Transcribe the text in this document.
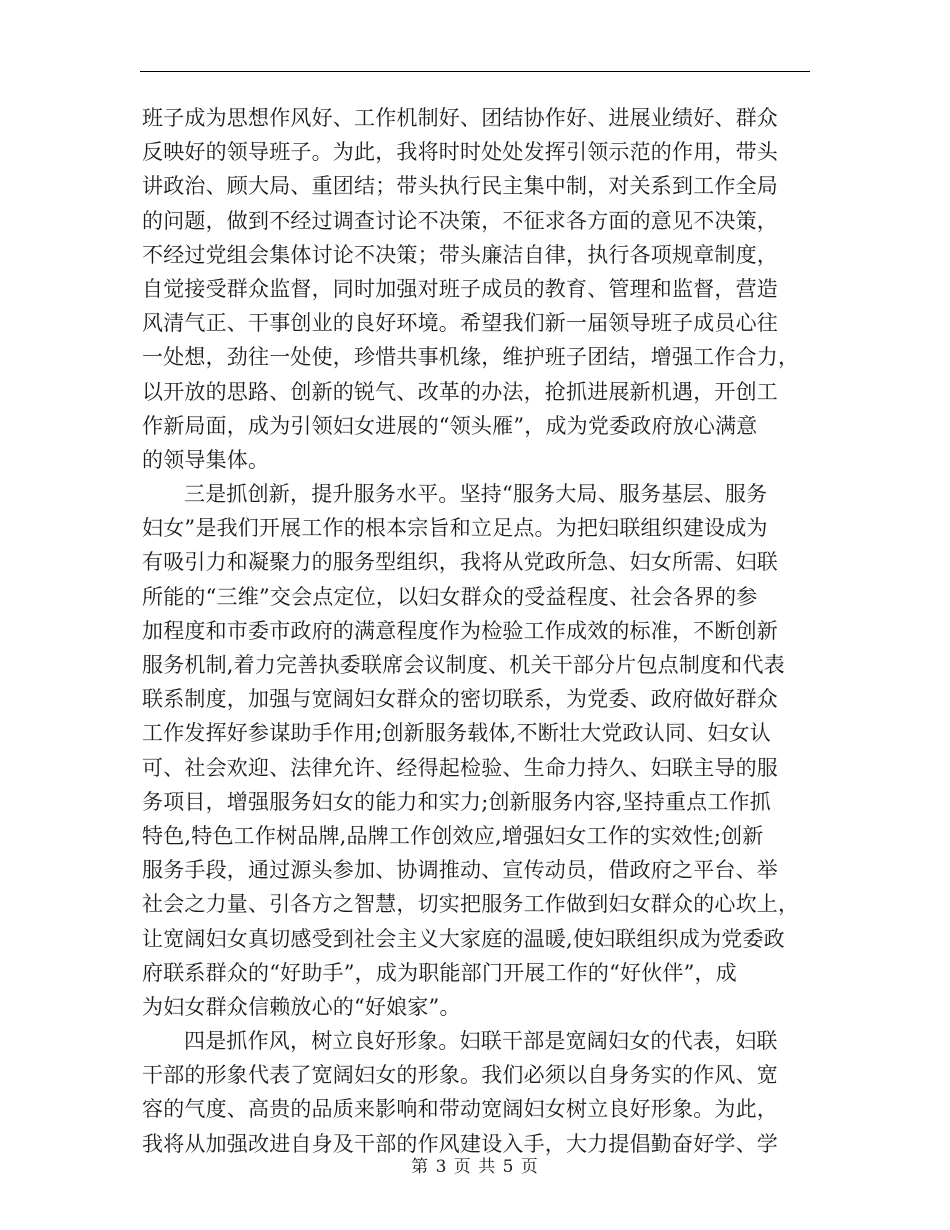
班子成为思想作风好、工作机制好、团结协作好、进展业绩好、群众
反映好的领导班子。为此，我将时时处处发挥引领示范的作用，带头
讲政治、顾大局、重团结；带头执行民主集中制，对关系到工作全局
的问题，做到不经过调查讨论不决策，不征求各方面的意见不决策，
不经过党组会集体讨论不决策；带头廉洁自律，执行各项规章制度，
自觉接受群众监督，同时加强对班子成员的教育、管理和监督，营造
风清气正、干事创业的良好环境。希望我们新一届领导班子成员心往
一处想，劲往一处使，珍惜共事机缘，维护班子团结，增强工作合力，
以开放的思路、创新的锐气、改革的办法，抢抓进展新机遇，开创工
作新局面，成为引领妇女进展的“领头雁”，成为党委政府放心满意
的领导集体。
三是抓创新，提升服务水平。坚持“服务大局、服务基层、服务
妇女”是我们开展工作的根本宗旨和立足点。为把妇联组织建设成为
有吸引力和凝聚力的服务型组织，我将从党政所急、妇女所需、妇联
所能的“三维”交会点定位，以妇女群众的受益程度、社会各界的参
加程度和市委市政府的满意程度作为检验工作成效的标准，不断创新
服务机制,着力完善执委联席会议制度、机关干部分片包点制度和代表
联系制度，加强与宽阔妇女群众的密切联系，为党委、政府做好群众
工作发挥好参谋助手作用;创新服务载体,不断壮大党政认同、妇女认
可、社会欢迎、法律允许、经得起检验、生命力持久、妇联主导的服
务项目，增强服务妇女的能力和实力;创新服务内容,坚持重点工作抓
特色,特色工作树品牌,品牌工作创效应,增强妇女工作的实效性;创新
服务手段，通过源头参加、协调推动、宣传动员，借政府之平台、举
社会之力量、引各方之智慧，切实把服务工作做到妇女群众的心坎上，
让宽阔妇女真切感受到社会主义大家庭的温暖,使妇联组织成为党委政
府联系群众的“好助手”，成为职能部门开展工作的“好伙伴”，成
为妇女群众信赖放心的“好娘家”。
四是抓作风，树立良好形象。妇联干部是宽阔妇女的代表，妇联
干部的形象代表了宽阔妇女的形象。我们必须以自身务实的作风、宽
容的气度、高贵的品质来影响和带动宽阔妇女树立良好形象。为此，
我将从加强改进自身及干部的作风建设入手，大力提倡勤奋好学、学
第 3 页 共 5 页
